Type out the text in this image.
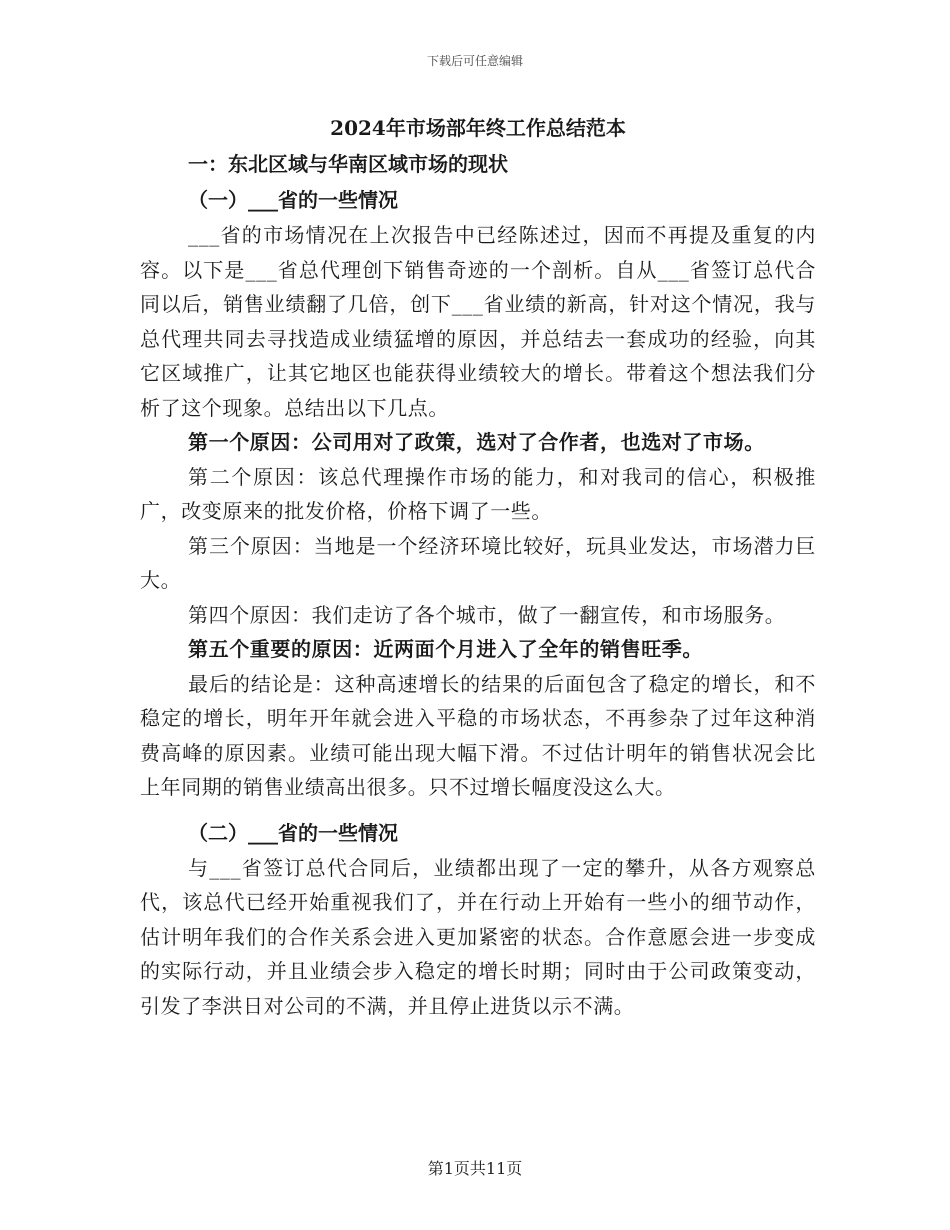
下载后可任意编辑
2024年市场部年终工作总结范本
一：东北区域与华南区域市场的现状
（一）___省的一些情况

___省的市场情况在上次报告中已经陈述过，因而不再提及重复的内容。以下是___省总代理创下销售奇迹的一个剖析。自从___省签订总代合同以后，销售业绩翻了几倍，创下___省业绩的新高，针对这个情况，我与总代理共同去寻找造成业绩猛增的原因，并总结去一套成功的经验，向其它区域推广，让其它地区也能获得业绩较大的增长。带着这个想法我们分析了这个现象。总结出以下几点。

第一个原因：公司用对了政策，选对了合作者，也选对了市场。

第二个原因：该总代理操作市场的能力，和对我司的信心，积极推广，改变原来的批发价格，价格下调了一些。

第三个原因：当地是一个经济环境比较好，玩具业发达，市场潜力巨大。

第四个原因：我们走访了各个城市，做了一翻宣传，和市场服务。

第五个重要的原因：近两面个月进入了全年的销售旺季。

最后的结论是：这种高速增长的结果的后面包含了稳定的增长，和不稳定的增长，明年开年就会进入平稳的市场状态，不再参杂了过年这种消费高峰的原因素。业绩可能出现大幅下滑。不过估计明年的销售状况会比上年同期的销售业绩高出很多。只不过增长幅度没这么大。

（二）___省的一些情况

与___省签订总代合同后，业绩都出现了一定的攀升，从各方观察总代，该总代已经开始重视我们了，并在行动上开始有一些小的细节动作，估计明年我们的合作关系会进入更加紧密的状态。合作意愿会进一步变成的实际行动，并且业绩会步入稳定的增长时期；同时由于公司政策变动，引发了李洪日对公司的不满，并且停止进货以示不满。

第1页共11页
